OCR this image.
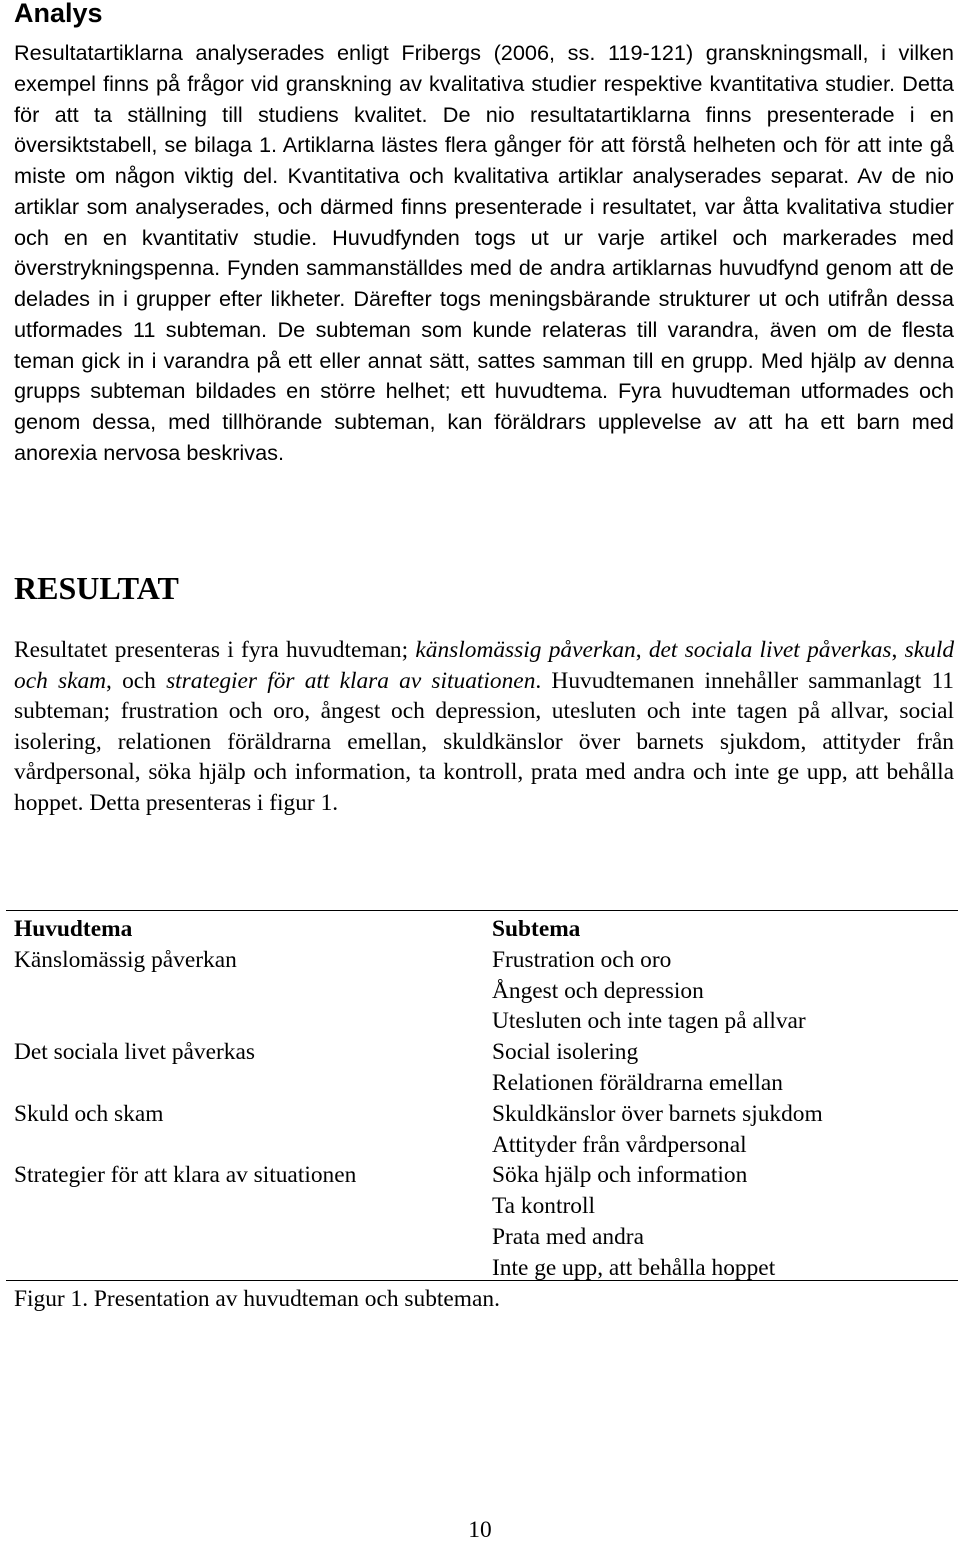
Analys

Resultatartiklarna analyserades enligt Fribergs (2006, ss. 119-121) granskningsmall, i vilken exempel finns på frågor vid granskning av kvalitativa studier respektive kvantitativa studier. Detta för att ta ställning till studiens kvalitet. De nio resultatartiklarna finns presenterade i en översiktstabell, se bilaga 1. Artiklarna lästes flera gånger för att förstå helheten och för att inte gå miste om någon viktig del. Kvantitativa och kvalitativa artiklar analyserades separat. Av de nio artiklar som analyserades, och därmed finns presenterade i resultatet, var åtta kvalitativa studier och en en kvantitativ studie. Huvudfynden togs ut ur varje artikel och markerades med överstrykningspenna. Fynden sammanställdes med de andra artiklarnas huvudfynd genom att de delades in i grupper efter likheter. Därefter togs meningsbärande strukturer ut och utifrån dessa utformades 11 subteman. De subteman som kunde relateras till varandra, även om de flesta teman gick in i varandra på ett eller annat sätt, sattes samman till en grupp. Med hjälp av denna grupps subteman bildades en större helhet; ett huvudtema. Fyra huvudteman utformades och genom dessa, med tillhörande subteman, kan föräldrars upplevelse av att ha ett barn med anorexia nervosa beskrivas.

RESULTAT

Resultatet presenteras i fyra huvudteman; känslomässig påverkan, det sociala livet påverkas, skuld och skam, och strategier för att klara av situationen. Huvudtemanen innehåller sammanlagt 11 subteman; frustration och oro, ångest och depression, utesluten och inte tagen på allvar, social isolering, relationen föräldrarna emellan, skuldkänslor över barnets sjukdom, attityder från vårdpersonal, söka hjälp och information, ta kontroll, prata med andra och inte ge upp, att behålla hoppet. Detta presenteras i figur 1.

Huvudtema
Känslomässig påverkan
Det sociala livet påverkas
Skuld och skam
Strategier för att klara av situationen
Subtema
Frustration och oro
Ångest och depression
Utesluten och inte tagen på allvar
Social isolering
Relationen föräldrarna emellan
Skuldkänslor över barnets sjukdom
Attityder från vårdpersonal
Söka hjälp och information
Ta kontroll
Prata med andra
Inte ge upp, att behålla hoppet

Figur 1. Presentation av huvudteman och subteman.

10
